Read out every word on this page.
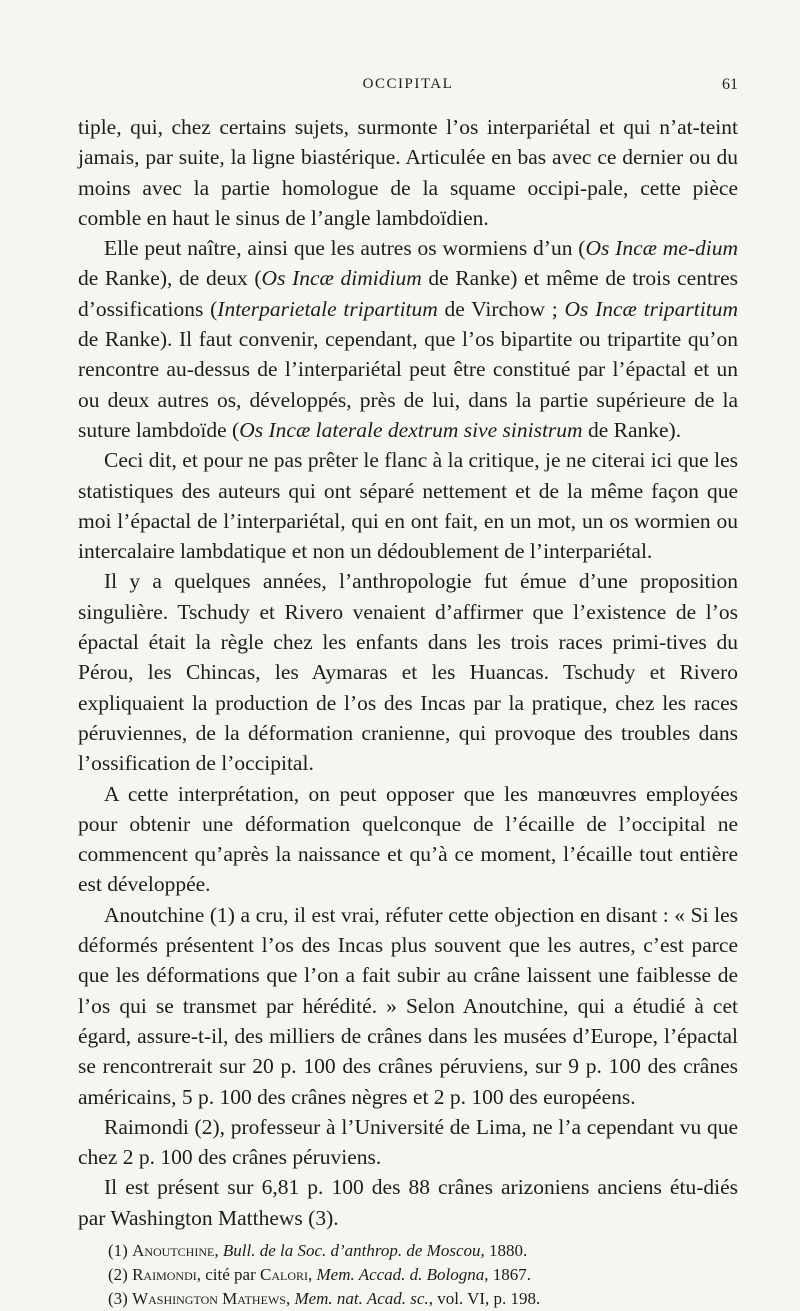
OCCIPITAL	61

tiple, qui, chez certains sujets, surmonte l’os interpariétal et qui n’at-teint jamais, par suite, la ligne biastérique. Articulée en bas avec ce dernier ou du moins avec la partie homologue de la squame occipi-pale, cette pièce comble en haut le sinus de l’angle lambdoïdien.

Elle peut naître, ainsi que les autres os wormiens d’un (Os Incæ me-dium de Ranke), de deux (Os Incæ dimidium de Ranke) et même de trois centres d’ossifications (Interparietale tripartitum de Virchow ; Os Incæ tripartitum de Ranke). Il faut convenir, cependant, que l’os bipartite ou tripartite qu’on rencontre au-dessus de l’interpariétal peut être constitué par l’épactal et un ou deux autres os, développés, près de lui, dans la partie supérieure de la suture lambdoïde (Os Incæ laterale dextrum sive sinistrum de Ranke).

Ceci dit, et pour ne pas prêter le flanc à la critique, je ne citerai ici que les statistiques des auteurs qui ont séparé nettement et de la même façon que moi l’épactal de l’interpariétal, qui en ont fait, en un mot, un os wormien ou intercalaire lambdatique et non un dédoublement de l’interpariétal.

Il y a quelques années, l’anthropologie fut émue d’une proposition singulière. Tschudy et Rivero venaient d’affirmer que l’existence de l’os épactal était la règle chez les enfants dans les trois races primi-tives du Pérou, les Chincas, les Aymaras et les Huancas. Tschudy et Rivero expliquaient la production de l’os des Incas par la pratique, chez les races péruviennes, de la déformation cranienne, qui provoque des troubles dans l’ossification de l’occipital.

A cette interprétation, on peut opposer que les manœuvres employées pour obtenir une déformation quelconque de l’écaille de l’occipital ne commencent qu’après la naissance et qu’à ce moment, l’écaille tout entière est développée.

Anoutchine (1) a cru, il est vrai, réfuter cette objection en disant : « Si les déformés présentent l’os des Incas plus souvent que les autres, c’est parce que les déformations que l’on a fait subir au crâne laissent une faiblesse de l’os qui se transmet par hérédité. » Selon Anoutchine, qui a étudié à cet égard, assure-t-il, des milliers de crânes dans les musées d’Europe, l’épactal se rencontrerait sur 20 p. 100 des crânes péruviens, sur 9 p. 100 des crânes américains, 5 p. 100 des crânes nègres et 2 p. 100 des européens.

Raimondi (2), professeur à l’Université de Lima, ne l’a cependant vu que chez 2 p. 100 des crânes péruviens.

Il est présent sur 6,81 p. 100 des 88 crânes arizoniens anciens étu-diés par Washington Matthews (3).

(1) Anoutchine, Bull. de la Soc. d’anthrop. de Moscou, 1880.

(2) Raimondi, cité par Calori, Mem. Accad. d. Bologna, 1867.

(3) Washington Mathews, Mem. nat. Acad. sc., vol. VI, p. 198.
